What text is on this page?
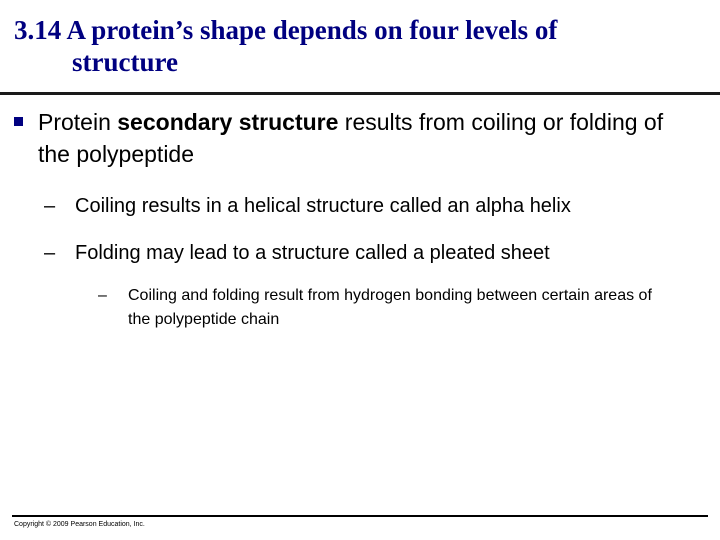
3.14 A protein’s shape depends on four levels of
structure
Protein secondary structure results from coiling or folding of the polypeptide
– Coiling results in a helical structure called an alpha helix
– Folding may lead to a structure called a pleated sheet
– Coiling and folding result from hydrogen bonding between certain areas of the polypeptide chain
Copyright © 2009 Pearson Education, Inc.
